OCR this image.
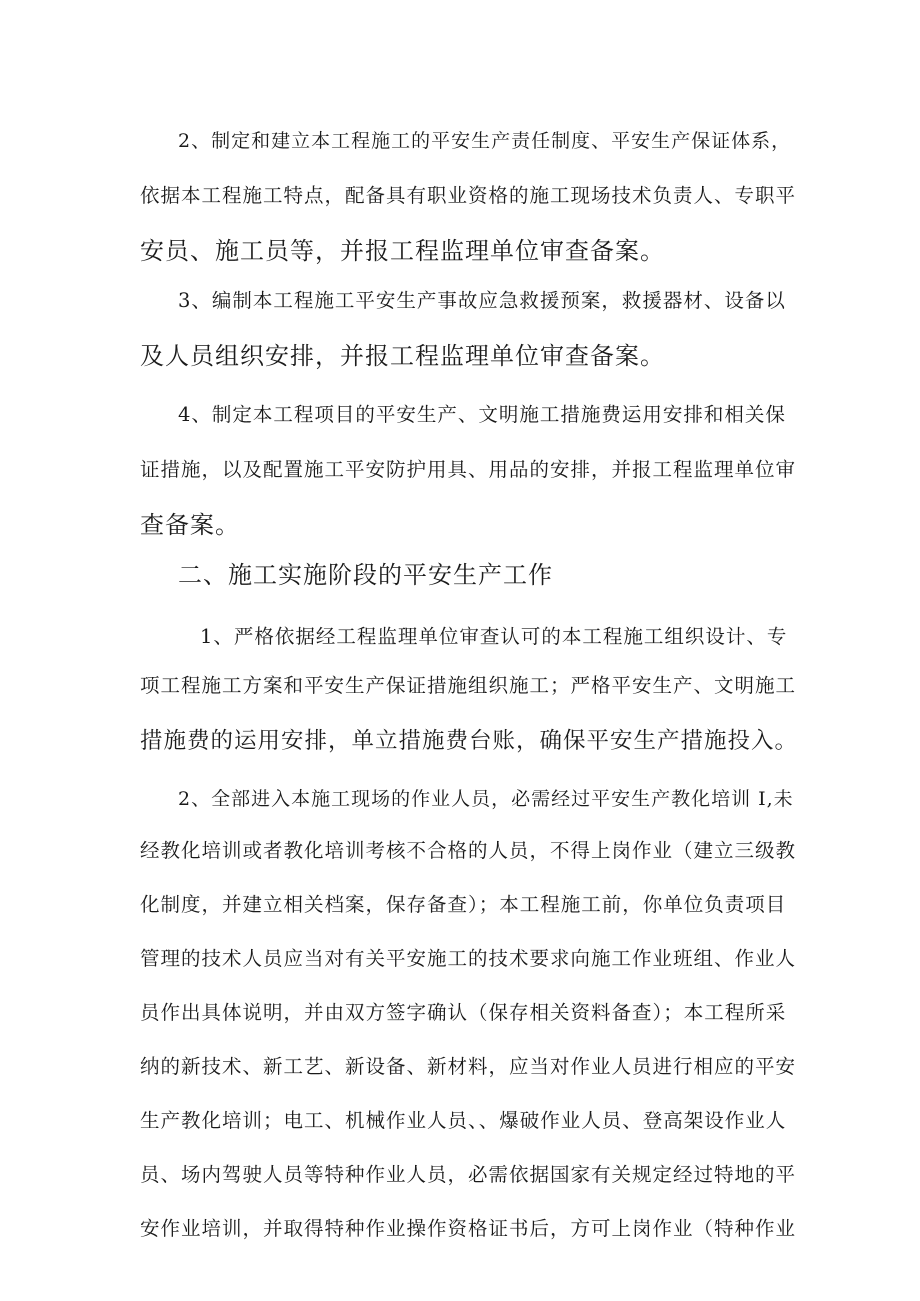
2、制定和建立本工程施工的平安生产责任制度、平安生产保证体系，
依据本工程施工特点，配备具有职业资格的施工现场技术负责人、专职平
安员、施工员等，并报工程监理单位审查备案。
3、编制本工程施工平安生产事故应急救援预案，救援器材、设备以
及人员组织安排，并报工程监理单位审查备案。
4、制定本工程项目的平安生产、文明施工措施费运用安排和相关保
证措施，以及配置施工平安防护用具、用品的安排，并报工程监理单位审
查备案。
二、施工实施阶段的平安生产工作
1、严格依据经工程监理单位审查认可的本工程施工组织设计、专
项工程施工方案和平安生产保证措施组织施工；严格平安生产、文明施工
措施费的运用安排，单立措施费台账，确保平安生产措施投入。
2、全部进入本施工现场的作业人员，必需经过平安生产教化培训 I,未
经教化培训或者教化培训考核不合格的人员，不得上岗作业（建立三级教
化制度，并建立相关档案，保存备查）；本工程施工前，你单位负责项目
管理的技术人员应当对有关平安施工的技术要求向施工作业班组、作业人
员作出具体说明，并由双方签字确认（保存相关资料备查）；本工程所采
纳的新技术、新工艺、新设备、新材料，应当对作业人员进行相应的平安
生产教化培训；电工、机械作业人员、、爆破作业人员、登高架设作业人
员、场内驾驶人员等特种作业人员，必需依据国家有关规定经过特地的平
安作业培训，并取得特种作业操作资格证书后，方可上岗作业（特种作业
